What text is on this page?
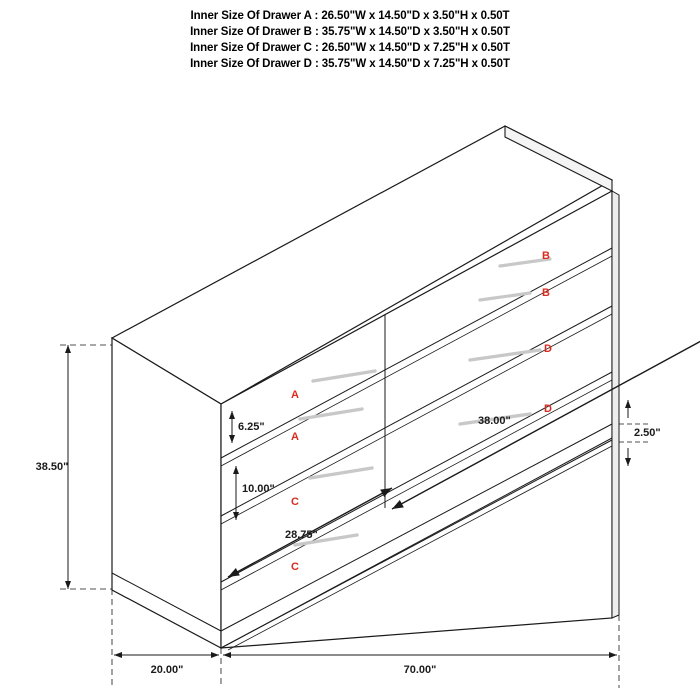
Inner Size Of Drawer A : 26.50"W x 14.50"D x 3.50"H x 0.50T
Inner Size Of Drawer B : 35.75"W x 14.50"D x 3.50"H x 0.50T
Inner Size Of Drawer C : 26.50"W x 14.50"D x 7.25"H x 0.50T
Inner Size Of Drawer D : 35.75"W x 14.50"D x 7.25"H x 0.50T
B
B
D
D
A
A
C
C
38.50"
20.00"	70.00"
2.50"
6.25"
10.00"
38.00"
28.75"
